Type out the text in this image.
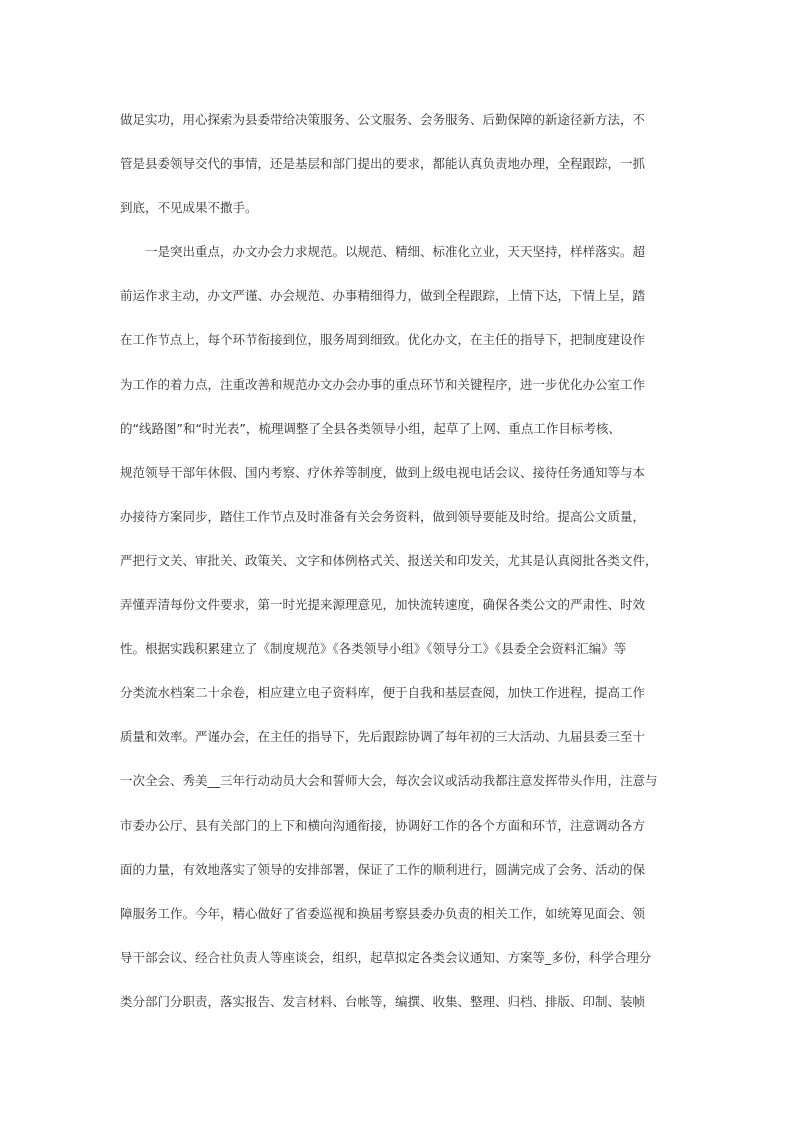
做足实功，用心探索为县委带给决策服务、公文服务、会务服务、后勤保障的新途径新方法，不
管是县委领导交代的事情，还是基层和部门提出的要求，都能认真负责地办理，全程跟踪，一抓
到底，不见成果不撒手。
　　一是突出重点，办文办会力求规范。以规范、精细、标准化立业，天天坚持，样样落实。超
前运作求主动，办文严谨、办会规范、办事精细得力，做到全程跟踪，上情下达，下情上呈，踏
在工作节点上，每个环节衔接到位，服务周到细致。优化办文，在主任的指导下，把制度建设作
为工作的着力点，注重改善和规范办文办会办事的重点环节和关键程序，进一步优化办公室工作
的“线路图”和“时光表”，梳理调整了全县各类领导小组，起草了上网、重点工作目标考核、
规范领导干部年休假、国内考察、疗休养等制度，做到上级电视电话会议、接待任务通知等与本
办接待方案同步，踏住工作节点及时准备有关会务资料，做到领导要能及时给。提高公文质量，
严把行文关、审批关、政策关、文字和体例格式关、报送关和印发关，尤其是认真阅批各类文件，
弄懂弄清每份文件要求，第一时光提来源理意见，加快流转速度，确保各类公文的严肃性、时效
性。根据实践积累建立了《制度规范》《各类领导小组》《领导分工》《县委全会资料汇编》等
分类流水档案二十余卷，相应建立电子资料库，便于自我和基层查阅，加快工作进程，提高工作
质量和效率。严谨办会，在主任的指导下，先后跟踪协调了每年初的三大活动、九届县委三至十
一次全会、秀美__三年行动动员大会和誓师大会，每次会议或活动我都注意发挥带头作用，注意与
市委办公厅、县有关部门的上下和横向沟通衔接，协调好工作的各个方面和环节，注意调动各方
面的力量，有效地落实了领导的安排部署，保证了工作的顺利进行，圆满完成了会务、活动的保
障服务工作。今年，精心做好了省委巡视和换届考察县委办负责的相关工作，如统筹见面会、领
导干部会议、经合社负责人等座谈会，组织，起草拟定各类会议通知、方案等_多份，科学合理分
类分部门分职责，落实报告、发言材料、台帐等，编撰、收集、整理、归档、排版、印制、装帧
